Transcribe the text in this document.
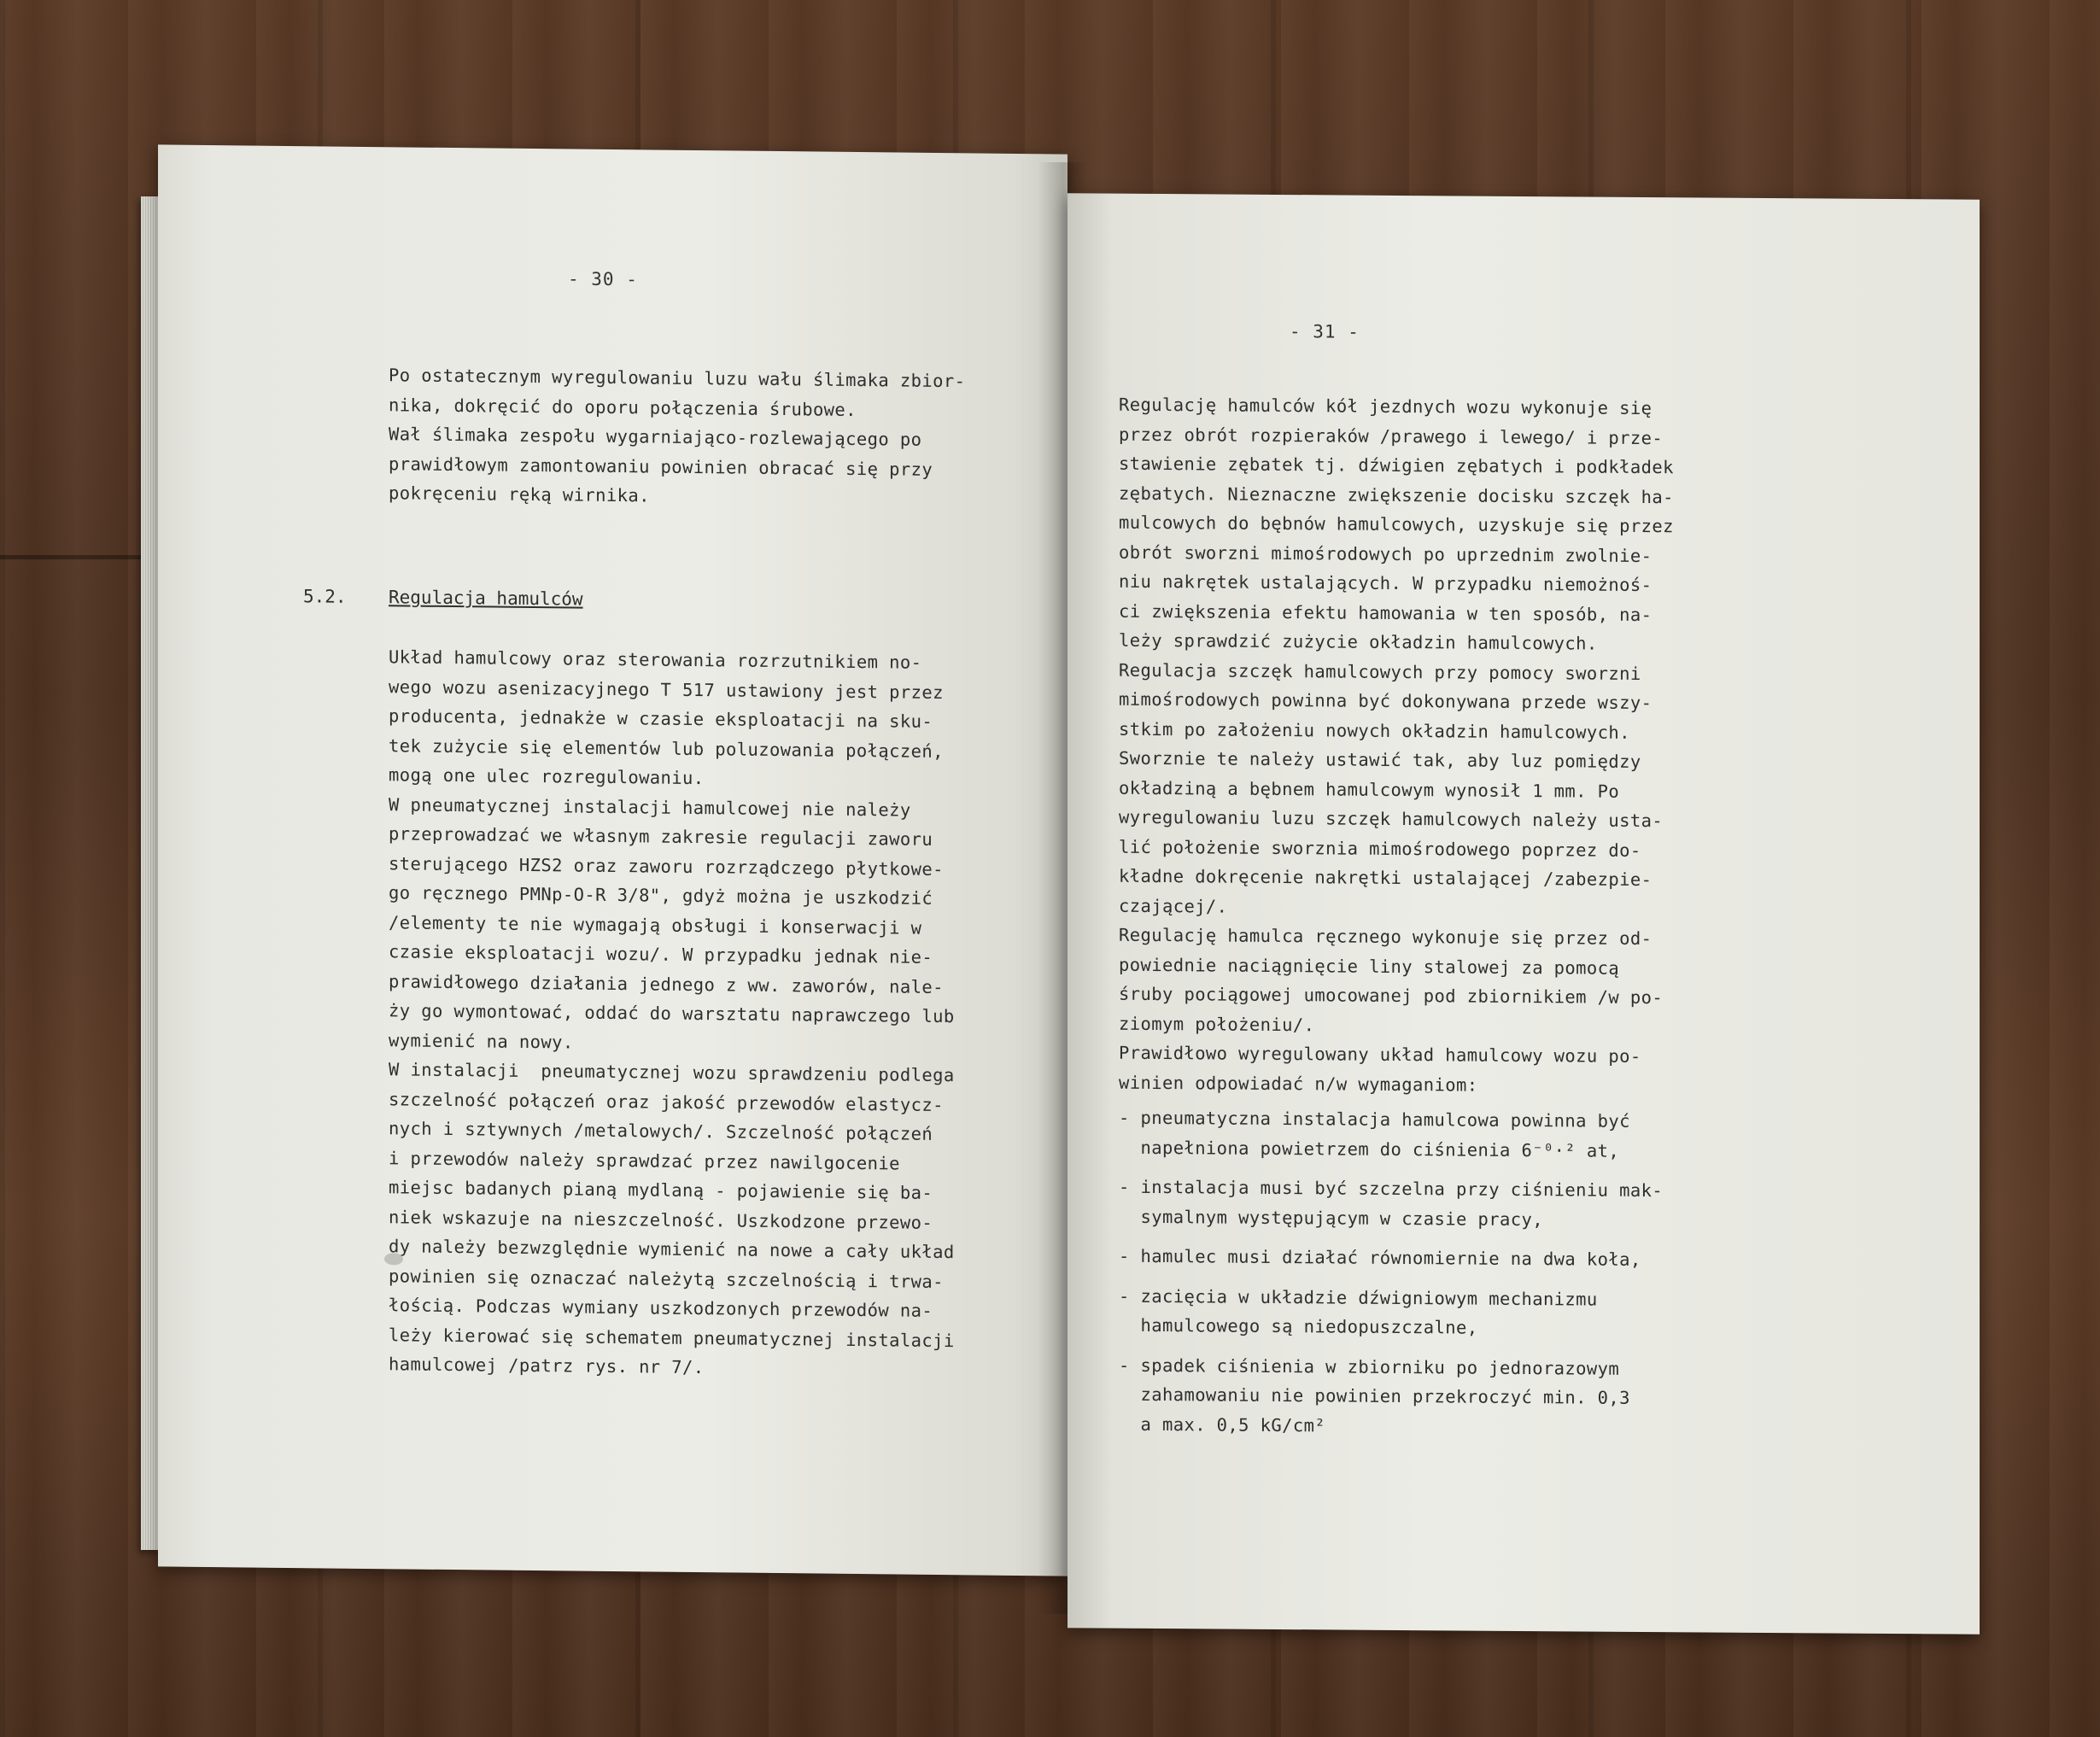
- 30 -
Po ostatecznym wyregulowaniu luzu wału ślimaka zbior-
nika, dokręcić do oporu połączenia śrubowe.
Wał ślimaka zespołu wygarniająco-rozlewającego po
prawidłowym zamontowaniu powinien obracać się przy
pokręceniu ręką wirnika.
5.2. Regulacja hamulców
Układ hamulcowy oraz sterowania rozrzutnikiem no-
wego wozu asenizacyjnego T 517 ustawiony jest przez
producenta, jednakże w czasie eksploatacji na sku-
tek zużycie się elementów lub poluzowania połączeń,
mogą one ulec rozregulowaniu.
W pneumatycznej instalacji hamulcowej nie należy
przeprowadzać we własnym zakresie regulacji zaworu
sterującego HZS2 oraz zaworu rozrządczego płytkowe-
go ręcznego PMNp-O-R 3/8", gdyż można je uszkodzić
/elementy te nie wymagają obsługi i konserwacji w
czasie eksploatacji wozu/. W przypadku jednak nie-
prawidłowego działania jednego z ww. zaworów, nale-
ży go wymontować, oddać do warsztatu naprawczego lub
wymienić na nowy.
W instalacji  pneumatycznej wozu sprawdzeniu podlega
szczelność połączeń oraz jakość przewodów elastycz-
nych i sztywnych /metalowych/. Szczelność połączeń
i przewodów należy sprawdzać przez nawilgocenie
miejsc badanych pianą mydlaną - pojawienie się ba-
niek wskazuje na nieszczelność. Uszkodzone przewo-
dy należy bezwzględnie wymienić na nowe a cały układ
powinien się oznaczać należytą szczelnością i trwa-
łością. Podczas wymiany uszkodzonych przewodów na-
leży kierować się schematem pneumatycznej instalacji
hamulcowej /patrz rys. nr 7/.
- 31 -
Regulację hamulców kół jezdnych wozu wykonuje się
przez obrót rozpieraków /prawego i lewego/ i prze-
stawienie zębatek tj. dźwigien zębatych i podkładek
zębatych. Nieznaczne zwiększenie docisku szczęk ha-
mulcowych do bębnów hamulcowych, uzyskuje się przez
obrót sworzni mimośrodowych po uprzednim zwolnie-
niu nakrętek ustalających. W przypadku niemożnoś-
ci zwiększenia efektu hamowania w ten sposób, na-
leży sprawdzić zużycie okładzin hamulcowych.
Regulacja szczęk hamulcowych przy pomocy sworzni
mimośrodowych powinna być dokonywana przede wszy-
stkim po założeniu nowych okładzin hamulcowych.
Sworznie te należy ustawić tak, aby luz pomiędzy
okładziną a bębnem hamulcowym wynosił 1 mm. Po
wyregulowaniu luzu szczęk hamulcowych należy usta-
lić położenie sworznia mimośrodowego poprzez do-
kładne dokręcenie nakrętki ustalającej /zabezpie-
czającej/.
Regulację hamulca ręcznego wykonuje się przez od-
powiednie naciągnięcie liny stalowej za pomocą
śruby pociągowej umocowanej pod zbiornikiem /w po-
ziomym położeniu/.
Prawidłowo wyregulowany układ hamulcowy wozu po-
winien odpowiadać n/w wymaganiom:
- pneumatyczna instalacja hamulcowa powinna być
napełniona powietrzem do ciśnienia 6⁻⁰·² at,
- instalacja musi być szczelna przy ciśnieniu mak-
symalnym występującym w czasie pracy,
- hamulec musi działać równomiernie na dwa koła,
- zacięcia w układzie dźwigniowym mechanizmu
hamulcowego są niedopuszczalne,
- spadek ciśnienia w zbiorniku po jednorazowym
zahamowaniu nie powinien przekroczyć min. 0,3
a max. 0,5 kG/cm²
